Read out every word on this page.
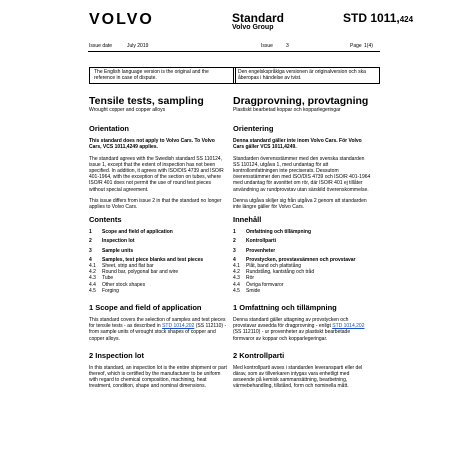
VOLVO	Standard
Volvo Group
STD 1011,424
Issue date	July 2019	Issue	3	Page 1(4)
The English language version is the original and the reference in case of dispute.
Den engelskspråkiga versionen är originalversion och ska åberopas i händelse av tvist.
Tensile tests, sampling
Wrought copper and copper alloys
Orientation

This standard does not apply to Volvo Cars. To Volvo Cars, VCS 1011,4249 applies.

The standard agrees with the Swedish standard SS 110124, issue 1, except that the extent of inspection has not been specified. In addition, it agrees with ISO/DIS 4739 and ISO/R 401-1964, with the exception of the section on tubes, where ISO/R 401 does not permit the use of round test pieces without special agreement.

This issue differs from issue 2 in that the standard no longer applies to Volvo Cars.

Contents
1	Scope and field of application
2	Inspection lot
3	Sample units
4	Samples, test piece blanks and test pieces
4.1	Sheet, strip and flat bar
4.2	Round bar, polygonal bar and wire
4.3	Tube
4.4	Other stock shapes
4.5	Forging
1 Scope and field of application

This standard covers the selection of samples and test pieces for tensile tests - as described in STD 1014,202 (SS 112110) - from sample units of wrought stock shapes of copper and copper alloys.

2 Inspection lot

In this standard, an inspection lot is the entire shipment or part thereof, which is certified by the manufacturer to be uniform with regard to chemical composition, machining, heat treatment, condition, shape and nominal dimensions.

Dragprovning, provtagning
Plastiskt bearbetad koppar och kopparlegeringar
Orientering

Denna standard gäller inte inom Volvo Cars. För Volvo Cars gäller VCS 1011,4249.

Standarden överensstämmer med den svenska standarden SS 110124, utgåva 1, med undantag för att kontrollomfattningen inte preciserats. Dessutom överensstämmer den med ISO/DIS 4739 och ISO/R 401-1964 med undantag för avsnittet om rör, där ISO/R 401 ej tillåter användning av rundprovstav utan särskild överenskommelse.

Denna utgåva skiljer sig från utgåva 2 genom att standarden inte längre gäller för Volvo Cars.

Innehåll
1	Omfattning och tillämpning
2	Kontrollparti
3	Provenheter
4	Provstycken, provstavsämnen och provstavar
4.1	Plåt, band och plattstång
4.2	Rundstång, kantstång och tråd
4.3	Rör
4.4	Övriga formvaror
4.5	Smide
1 Omfattning och tillämpning

Denna standard gäller uttagning av provstycken och provstavar avsedda för dragprovning - enligt STD 1014,202 (SS 112110) - ur provenheter av plastiskt bearbetade formvaror av koppar och kopparlegeringar.

2 Kontrollparti

Med kontrollparti avses i standarden leveransparti eller del därav, som av tillverkaren intygas vara enhetligt med avseende på kemisk sammansättning, bearbetning, värmebehandling, tillstånd, form och nominella mått.
